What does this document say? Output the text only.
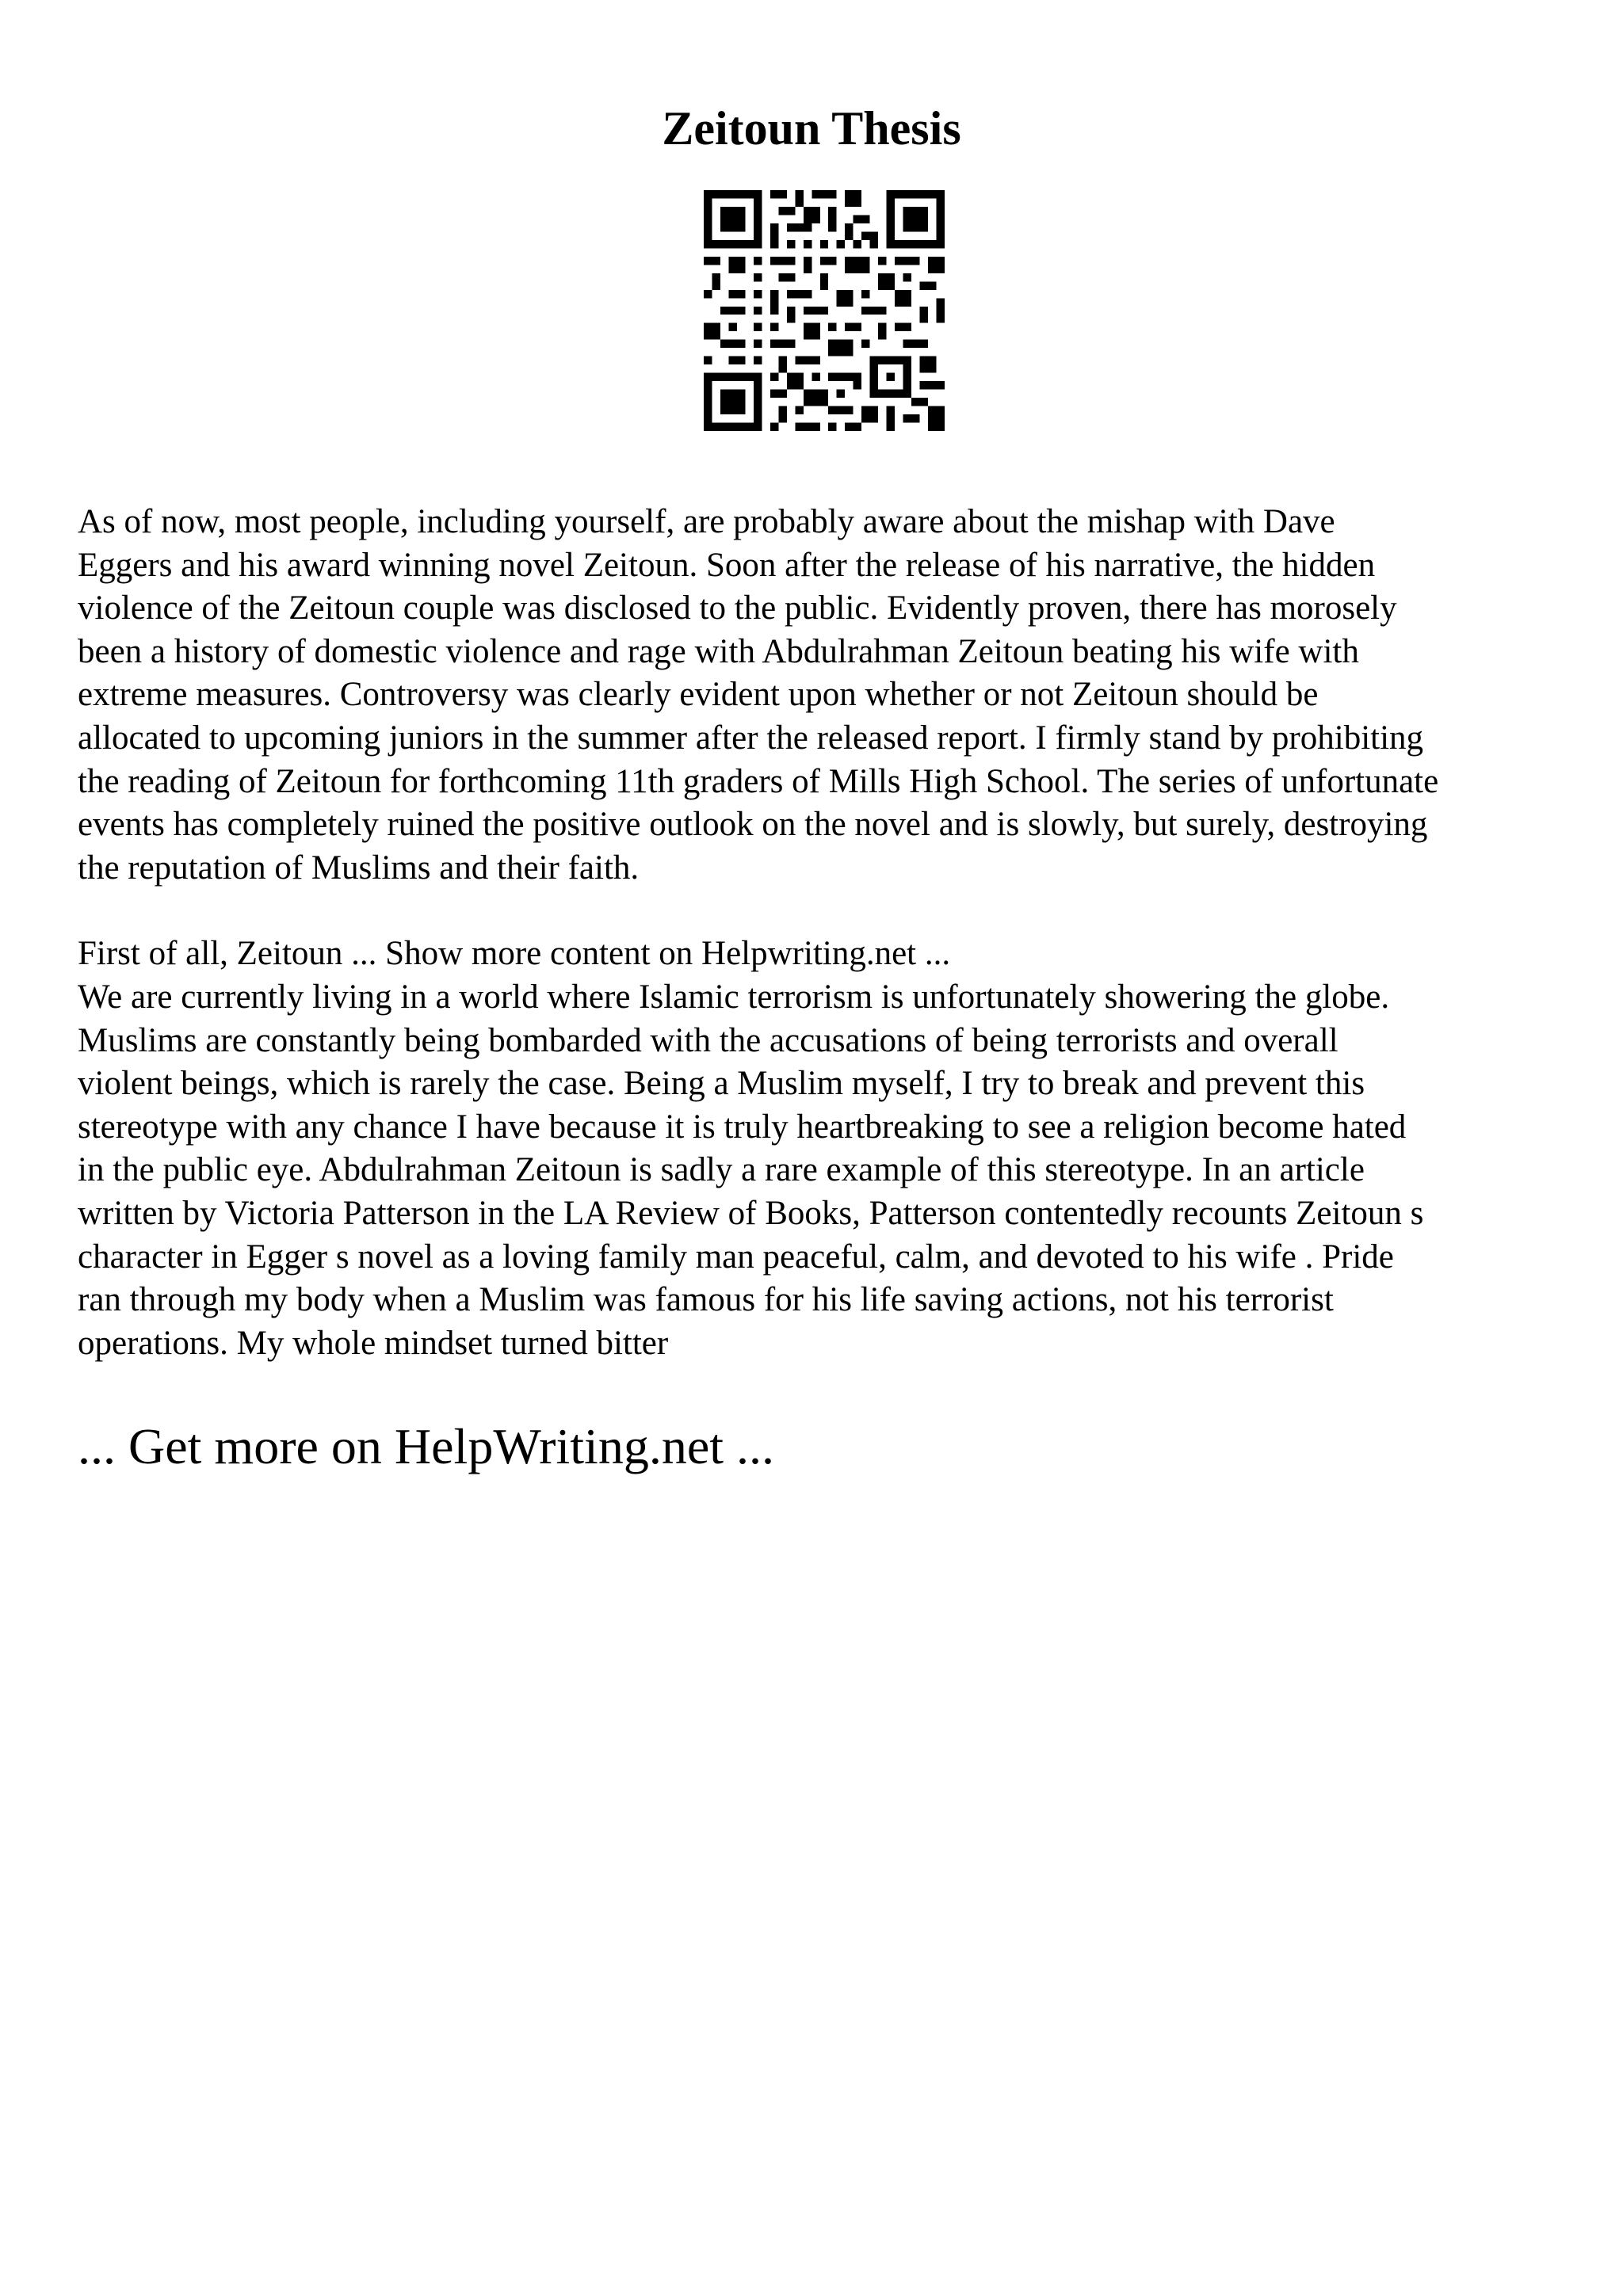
Zeitoun Thesis

As of now, most people, including yourself, are probably aware about the mishap with Dave
Eggers and his award winning novel Zeitoun. Soon after the release of his narrative, the hidden
violence of the Zeitoun couple was disclosed to the public. Evidently proven, there has morosely
been a history of domestic violence and rage with Abdulrahman Zeitoun beating his wife with
extreme measures. Controversy was clearly evident upon whether or not Zeitoun should be
allocated to upcoming juniors in the summer after the released report. I firmly stand by prohibiting
the reading of Zeitoun for forthcoming 11th graders of Mills High School. The series of unfortunate
events has completely ruined the positive outlook on the novel and is slowly, but surely, destroying
the reputation of Muslims and their faith.

First of all, Zeitoun ... Show more content on Helpwriting.net ...

We are currently living in a world where Islamic terrorism is unfortunately showering the globe.
Muslims are constantly being bombarded with the accusations of being terrorists and overall
violent beings, which is rarely the case. Being a Muslim myself, I try to break and prevent this
stereotype with any chance I have because it is truly heartbreaking to see a religion become hated
in the public eye. Abdulrahman Zeitoun is sadly a rare example of this stereotype. In an article
written by Victoria Patterson in the LA Review of Books, Patterson contentedly recounts Zeitoun s
character in Egger s novel as a loving family man peaceful, calm, and devoted to his wife . Pride
ran through my body when a Muslim was famous for his life saving actions, not his terrorist
operations. My whole mindset turned bitter

... Get more on HelpWriting.net ...
